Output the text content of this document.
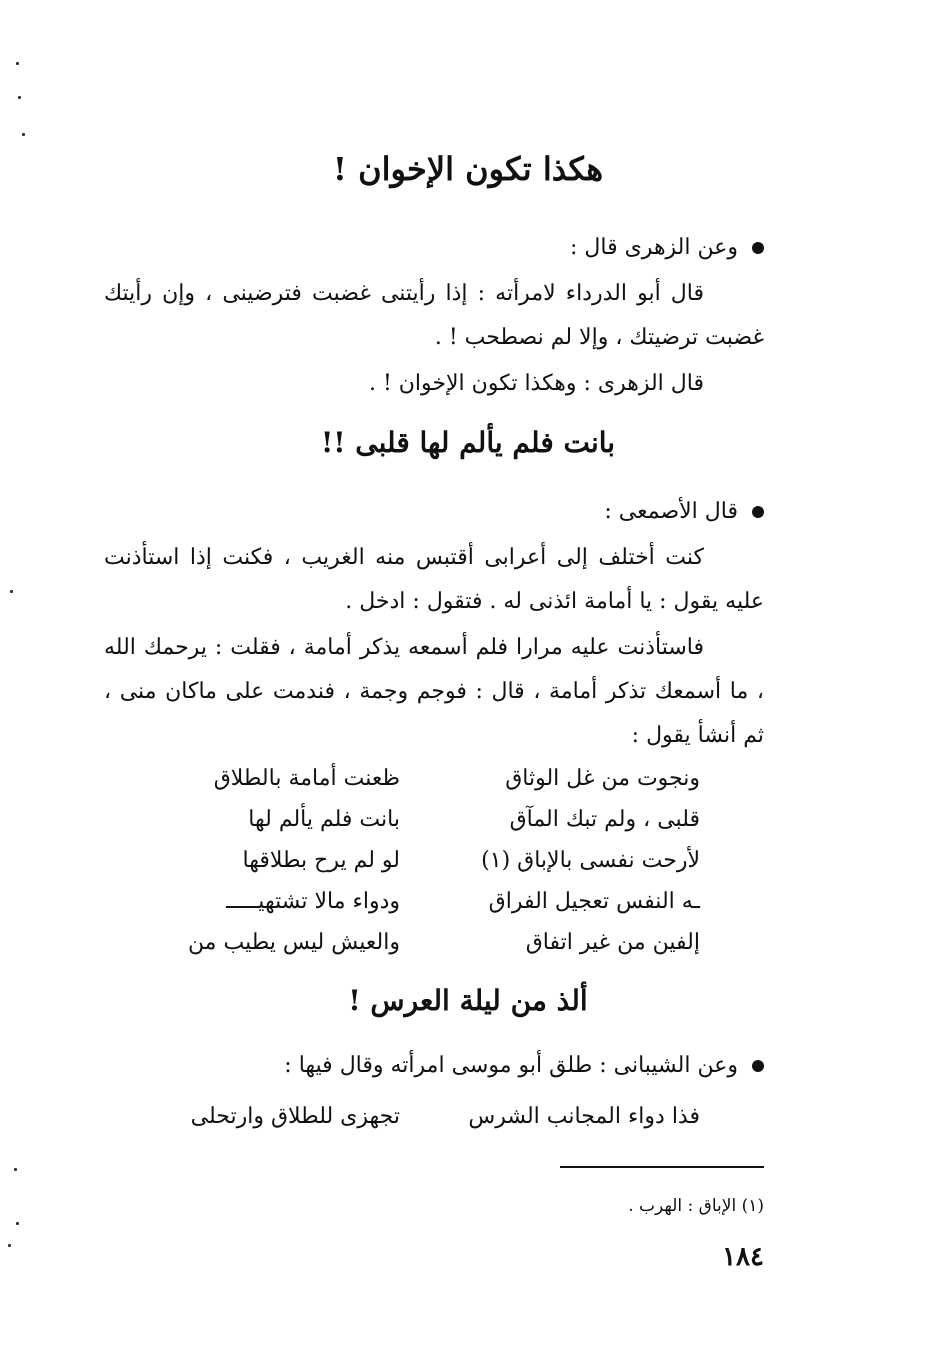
هكذا تكون الإخوان !
وعن الزهرى قال :
قال أبو الدرداء لامرأته : إذا رأيتنى غضبت فترضينى ، وإن رأيتك غضبت ترضيتك ، وإلا لم نصطحب ! .
قال الزهرى : وهكذا تكون الإخوان ! .
بانت فلم يألم لها قلبى !!
قال الأصمعى :
كنت أختلف إلى أعرابى أقتبس منه الغريب ، فكنت إذا استأذنت عليه يقول : يا أمامة ائذنى له . فتقول : ادخل .
فاستأذنت عليه مرارا فلم أسمعه يذكر أمامة ، فقلت : يرحمك الله ، ما أسمعك تذكر أمامة ، قال : فوجم وجمة ، فندمت على ماكان منى ، ثم أنشأ يقول :
ظعنت أمامة بالطلاق	ونجوت من غل الوثاق
بانت فلم يألم لها	قلبى ، ولم تبك المآق
لو لم يرح بطلاقها	لأرحت نفسى بالإباق (١)
ودواء مالا تشتهيـــــ	ـه النفس تعجيل الفراق
والعيش ليس يطيب من	إلفين من غير اتفاق
ألذ من ليلة العرس !
وعن الشيبانى : طلق أبو موسى امرأته وقال فيها :
تجهزى للطلاق وارتحلى	فذا دواء المجانب الشرس
(١) الإباق : الهرب .
١٨٤
